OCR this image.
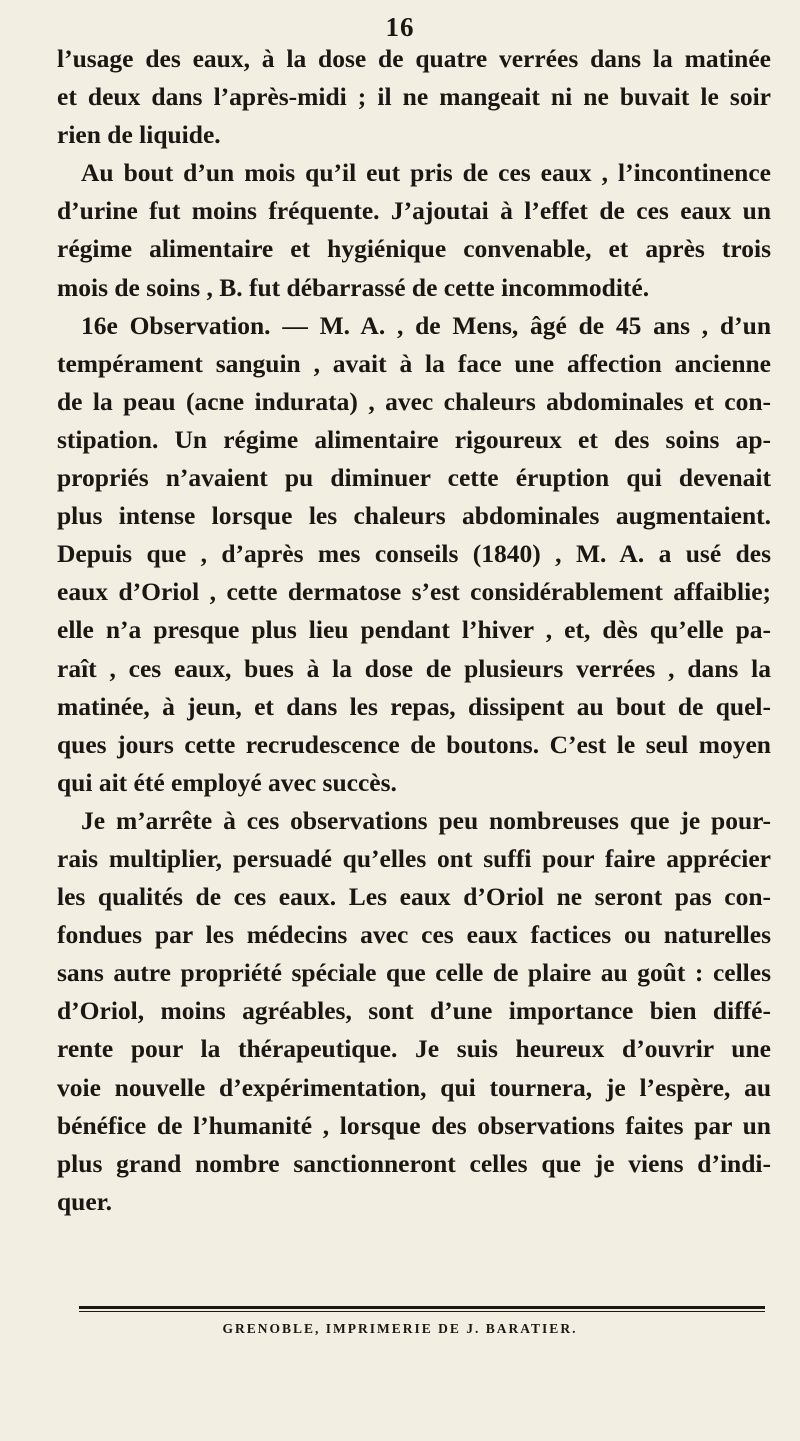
16

l’usage des eaux, à la dose de quatre verrées dans la matinée
et deux dans l’après-midi ; il ne mangeait ni ne buvait le soir
rien de liquide.

Au bout d’un mois qu’il eut pris de ces eaux , l’incontinence
d’urine fut moins fréquente. J’ajoutai à l’effet de ces eaux un
régime alimentaire et hygiénique convenable, et après trois
mois de soins , B. fut débarrassé de cette incommodité.

16e Observation. — M. A. , de Mens, âgé de 45 ans , d’un
tempérament sanguin , avait à la face une affection ancienne
de la peau (acne indurata) , avec chaleurs abdominales et con-
stipation. Un régime alimentaire rigoureux et des soins ap-
propriés n’avaient pu diminuer cette éruption qui devenait
plus intense lorsque les chaleurs abdominales augmentaient.
Depuis que , d’après mes conseils (1840) , M. A. a usé des
eaux d’Oriol , cette dermatose s’est considérablement affaiblie;
elle n’a presque plus lieu pendant l’hiver , et, dès qu’elle pa-
raît , ces eaux, bues à la dose de plusieurs verrées , dans la
matinée, à jeun, et dans les repas, dissipent au bout de quel-
ques jours cette recrudescence de boutons. C’est le seul moyen
qui ait été employé avec succès.

Je m’arrête à ces observations peu nombreuses que je pour-
rais multiplier, persuadé qu’elles ont suffi pour faire apprécier
les qualités de ces eaux. Les eaux d’Oriol ne seront pas con-
fondues par les médecins avec ces eaux factices ou naturelles
sans autre propriété spéciale que celle de plaire au goût : celles
d’Oriol, moins agréables, sont d’une importance bien diffé-
rente pour la thérapeutique. Je suis heureux d’ouvrir une
voie nouvelle d’expérimentation, qui tournera, je l’espère, au
bénéfice de l’humanité , lorsque des observations faites par un
plus grand nombre sanctionneront celles que je viens d’indi-
quer.

GRENOBLE, IMPRIMERIE DE J. BARATIER.
